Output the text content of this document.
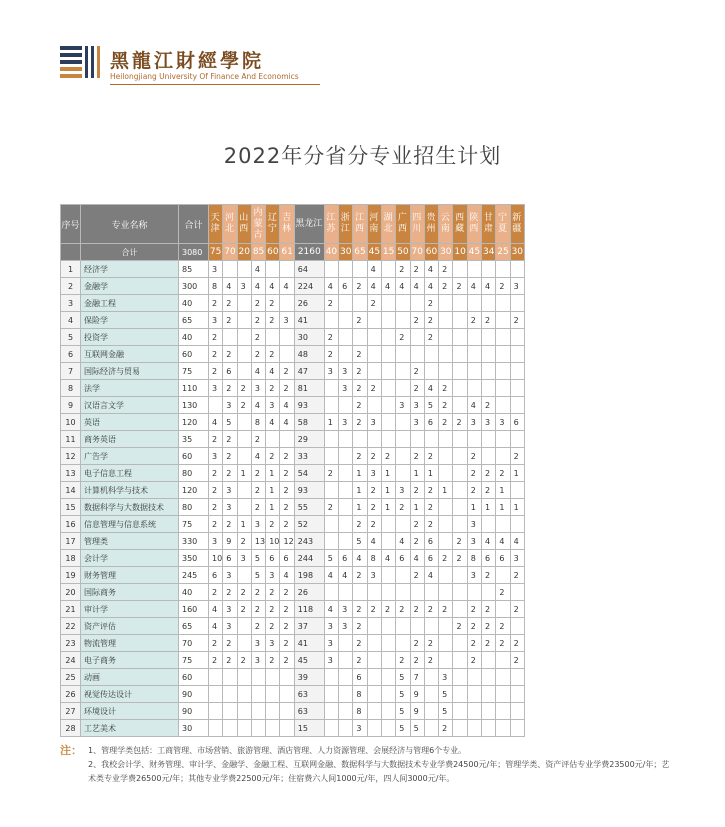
黑龍江財經學院
Heilongjiang University Of Finance And Economics
2022年分省分专业招生计划
序号	专业名称	合计	天津	河北	山西	内蒙古	辽宁	吉林	黑龙江	江苏	浙江	江西	河南	湖北	广西	四川	贵州	云南	西藏	陕西	甘肃	宁夏	新疆
	合计	3080	75	70	20	85	60	61	2160	40	30	65	45	15	50	70	60	30	10	45	34	25	30
1	经济学	85	3			4			64				4		2	2	4	2					
2	金融学	300	8	4	3	4	4	4	224	4	6	2	4	4	4	4	4	2	2	4	4	2	3
3	金融工程	40	2	2		2	2		26	2			2				2						
4	保险学	65	3	2		2	2	3	41			2				2	2			2	2		2
5	投资学	40	2			2			30	2					2		2						
6	互联网金融	60	2	2		2	2		48	2		2											
7	国际经济与贸易	75	2	6		4	4	2	47	3	3	2				2							
8	法学	110	3	2	2	3	2	2	81		3	2	2			2	4	2					
9	汉语言文学	130		3	2	4	3	4	93			2			3	3	5	2		4	2		
10	英语	120	4	5		8	4	4	58	1	3	2	3			3	6	2	2	3	3	3	6
11	商务英语	35	2	2		2			29														
12	广告学	60	3	2		4	2	2	33			2	2	2		2	2			2			2
13	电子信息工程	80	2	2	1	2	1	2	54	2		1	3	1		1	1			2	2	2	1
14	计算机科学与技术	120	2	3		2	1	2	93			1	2	1	3	2	2	1		2	2	1	
15	数据科学与大数据技术	80	2	3		2	1	2	55	2		1	2	1	2	1	2			1	1	1	1
16	信息管理与信息系统	75	2	2	1	3	2	2	52			2	2			2	2			3			
17	管理类	330	3	9	2	13	10	12	243			5	4		4	2	6		2	3	4	4	4
18	会计学	350	10	6	3	5	6	6	244	5	6	4	8	4	6	4	6	2	2	8	6	6	3
19	财务管理	245	6	3		5	3	4	198	4	4	2	3			2	4			3	2		2
20	国际商务	40	2	2	2	2	2	2	26													2	
21	审计学	160	4	3	2	2	2	2	118	4	3	2	2	2	2	2	2	2		2	2		2
22	资产评估	65	4	3		2	2	2	37	3	3	2							2	2	2	2	
23	物流管理	70	2	2		3	3	2	41	3		2				2	2			2	2	2	2
24	电子商务	75	2	2	2	3	2	2	45	3		2			2	2	2			2			2
25	动画	60							39			6			5	7		3					
26	视觉传达设计	90							63			8			5	9		5					
27	环境设计	90							63			8			5	9		5					
28	工艺美术	30							15			3			5	5		2					
注： 1、管理学类包括：工商管理、市场营销、旅游管理、酒店管理、人力资源管理、会展经济与管理6个专业。
2、我校会计学、财务管理、审计学、金融学、金融工程、互联网金融、数据科学与大数据技术专业学费24500元/年；管理学类、资产评估专业学费23500元/年；艺术类专业学费26500元/年；其他专业学费22500元/年；住宿费六人间1000元/年，四人间3000元/年。
